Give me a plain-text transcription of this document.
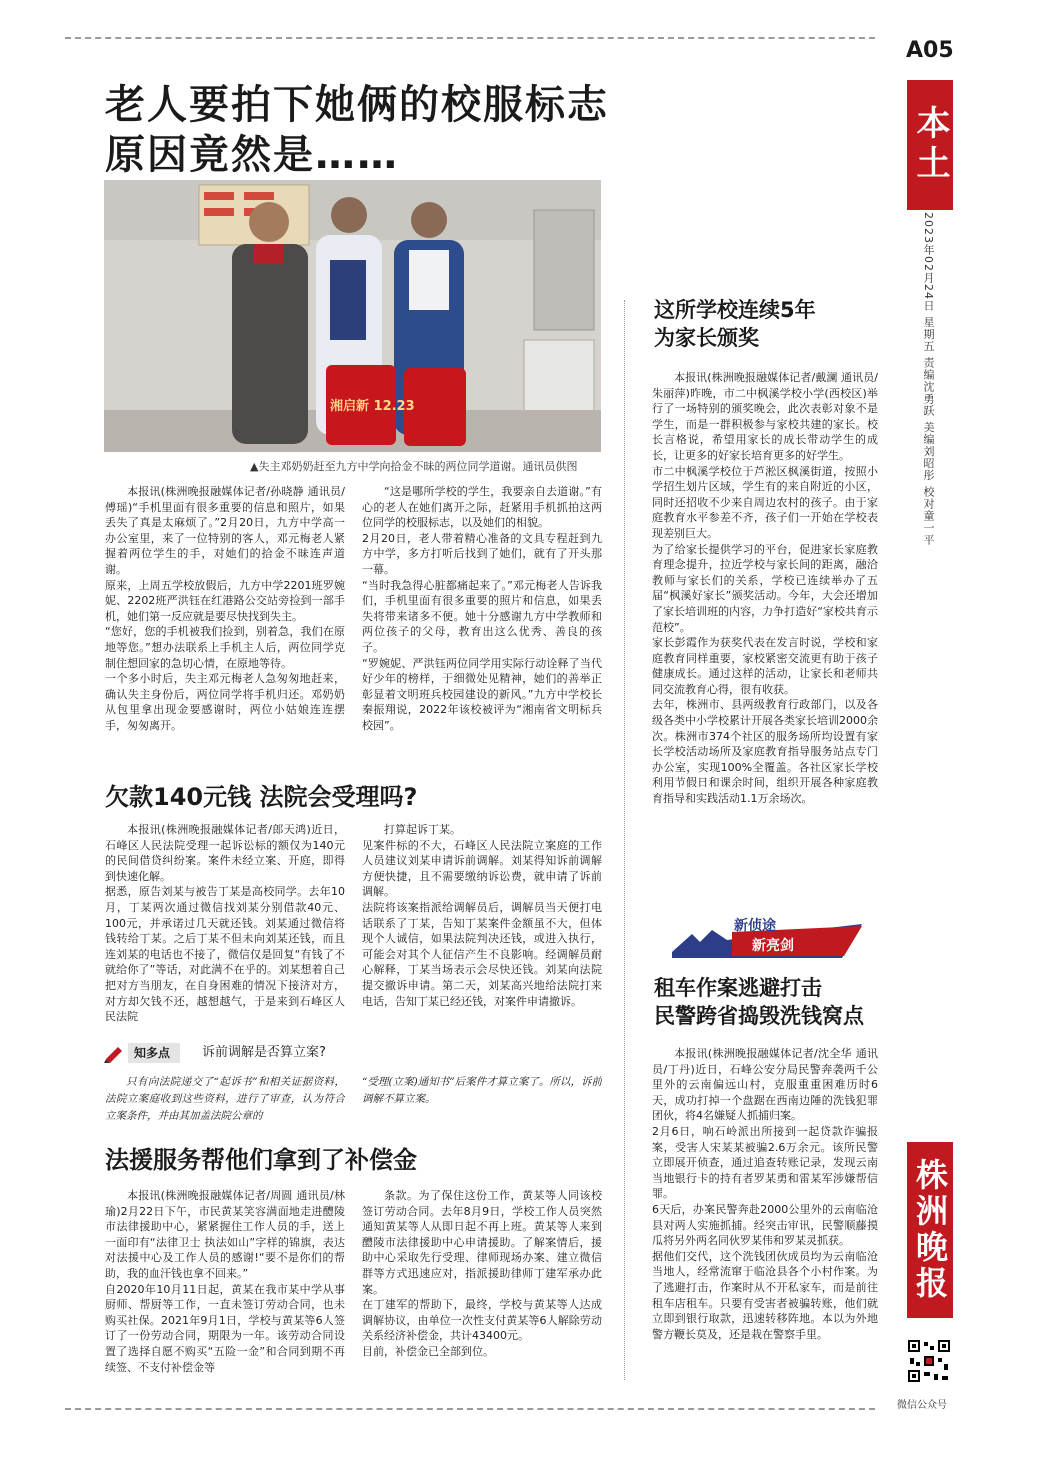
老人要拍下她俩的校服标志
原因竟然是……
湘启新 12.23
▲失主邓奶奶赶至九方中学向拾金不昧的两位同学道谢。通讯员供图
本报讯(株洲晚报融媒体记者/孙晓静 通讯员/傅瑶)“手机里面有很多重要的信息和照片，如果丢失了真是太麻烦了。”2月20日，九方中学高一办公室里，来了一位特别的客人，邓元梅老人紧握着两位学生的手，对她们的拾金不昧连声道谢。
原来，上周五学校放假后，九方中学2201班罗婉妮、2202班严洪钰在红港路公交站旁捡到一部手机，她们第一反应就是要尽快找到失主。
“您好，您的手机被我们捡到，别着急，我们在原地等您。”想办法联系上手机主人后，两位同学克制住想回家的急切心情，在原地等待。
一个多小时后，失主邓元梅老人急匆匆地赶来，确认失主身份后，两位同学将手机归还。邓奶奶从包里拿出现金要感谢时，两位小姑娘连连摆手，匆匆离开。
“这是哪所学校的学生，我要亲自去道谢。”有心的老人在她们离开之际，赶紧用手机抓拍这两位同学的校服标志，以及她们的相貌。
2月20日，老人带着精心准备的文具专程赶到九方中学，多方打听后找到了她们，就有了开头那一幕。
“当时我急得心脏都痛起来了。”邓元梅老人告诉我们，手机里面有很多重要的照片和信息，如果丢失将带来诸多不便。她十分感谢九方中学教师和两位孩子的父母，教育出这么优秀、善良的孩子。
“罗婉妮、严洪钰两位同学用实际行动诠释了当代好少年的榜样，于细微处见精神，她们的善举正彰显着文明班兵校园建设的新风。”九方中学校长秦振翔说，2022年该校被评为“湘南省文明标兵校园”。
欠款140元钱 法院会受理吗?
本报讯(株洲晚报融媒体记者/郎天鸿)近日，石峰区人民法院受理一起诉讼标的额仅为140元的民间借贷纠纷案。案件未经立案、开庭，即得到快速化解。
据悉，原告刘某与被告丁某是高校同学。去年10月，丁某两次通过微信找刘某分别借款40元、100元，并承诺过几天就还钱。刘某通过微信将钱转给丁某。之后丁某不但未向刘某还钱，而且连刘某的电话也不接了，微信仅是回复“有钱了不就给你了”等话，对此满不在乎的。刘某想着自己把对方当朋友，在自身困难的情况下接济对方，对方却欠钱不还，越想越气，于是来到石峰区人民法院
打算起诉丁某。
见案件标的不大，石峰区人民法院立案庭的工作人员建议刘某申请诉前调解。刘某得知诉前调解方便快捷，且不需要缴纳诉讼费，就申请了诉前调解。
法院将该案指派给调解员后，调解员当天便打电话联系了丁某，告知丁某案件金额虽不大，但体现个人诚信，如果法院判决还钱，或进入执行，可能会对其个人征信产生不良影响。经调解员耐心解释，丁某当场表示会尽快还钱。刘某向法院提交撤诉申请。第二天，刘某高兴地给法院打来电话，告知丁某已经还钱，对案件申请撤诉。
知多点	诉前调解是否算立案?
只有向法院递交了“起诉书”和相关证据资料，法院立案庭收到这些资料，进行了审查，认为符合立案条件，并由其加盖法院公章的
“受理(立案)通知书”后案件才算立案了。所以，诉前调解不算立案。
法援服务帮他们拿到了补偿金
本报讯(株洲晚报融媒体记者/周圆 通讯员/林瑜)2月22日下午，市民黄某笑容满面地走进醴陵市法律援助中心，紧紧握住工作人员的手，送上一面印有“法律卫士 执法如山”字样的锦旗，表达对法援中心及工作人员的感谢!“要不是你们的帮助，我的血汗钱也拿不回来。”
自2020年10月11日起，黄某在我市某中学从事厨师、帮厨等工作，一直未签订劳动合同，也未购买社保。2021年9月1日，学校与黄某等6人签订了一份劳动合同，期限为一年。该劳动合同设置了选择自愿不购买“五险一金”和合同到期不再续签、不支付补偿金等
条款。为了保住这份工作，黄某等人同该校签订劳动合同。去年8月9日，学校工作人员突然通知黄某等人从即日起不再上班。黄某等人来到醴陵市法律援助中心申请援助。了解案情后，援助中心采取先行受理、律师现场办案、建立微信群等方式迅速应对，指派援助律师丁建军承办此案。
在丁建军的帮助下，最终，学校与黄某等人达成调解协议，由单位一次性支付黄某等6人解除劳动关系经济补偿金，共计43400元。
目前，补偿金已全部到位。
这所学校连续5年
为家长颁奖
本报讯(株洲晚报融媒体记者/戴澜 通讯员/朱丽萍)昨晚，市二中枫溪学校小学(西校区)举行了一场特别的颁奖晚会，此次表彰对象不是学生，而是一群积极参与家校共建的家长。校长言格说，希望用家长的成长带动学生的成长，让更多的好家长培育更多的好学生。
市二中枫溪学校位于芦淞区枫溪街道，按照小学招生划片区域，学生有的来自附近的小区，同时还招收不少来自周边农村的孩子。由于家庭教育水平参差不齐，孩子们一开始在学校表现差别巨大。
为了给家长提供学习的平台，促进家长家庭教育理念提升，拉近学校与家长间的距离，融洽教师与家长们的关系，学校已连续举办了五届“枫溪好家长”颁奖活动。今年，大会还增加了家长培训班的内容，力争打造好“家校共育示范校”。
家长彭霞作为获奖代表在发言时说，学校和家庭教育同样重要，家校紧密交流更有助于孩子健康成长。通过这样的活动，让家长和老师共同交流教育心得，很有收获。
去年，株洲市、县两级教育行政部门，以及各级各类中小学校累计开展各类家长培训2000余次。株洲市374个社区的服务场所均设置有家长学校活动场所及家庭教育指导服务站点专门办公室，实现100%全覆盖。各社区家长学校利用节假日和课余时间，组织开展各种家庭教育指导和实践活动1.1万余场次。
新侦途
新亮剑
租车作案逃避打击
民警跨省捣毁洗钱窝点
本报讯(株洲晚报融媒体记者/沈全华 通讯员/丁丹)近日，石峰公安分局民警奔袭两千公里外的云南偏远山村，克服重重困难历时6天，成功打掉一个盘踞在西南边陲的洗钱犯罪团伙，将4名嫌疑人抓捕归案。
2月6日，响石岭派出所接到一起贷款诈骗报案，受害人宋某某被骗2.6万余元。该所民警立即展开侦查，通过追查转账记录，发现云南当地银行卡的持有者罗某勇和雷某军涉嫌帮信罪。
6天后，办案民警奔赴2000公里外的云南临沧县对两人实施抓捕。经突击审讯，民警顺藤摸瓜将另外两名同伙罗某伟和罗某灵抓获。
据他们交代，这个洗钱团伙成员均为云南临沧当地人，经常流窜于临沧县各个小村作案。为了逃避打击，作案时从不开私家车，而是前往租车店租车。只要有受害者被骗转账，他们就立即到银行取款，迅速转移阵地。本以为外地警方鞭长莫及，还是栽在警察手里。
A05
本土
2023年02月24日 星期五 责编沈勇跃 美编刘昭彤 校对童一平
株洲晚报
微信公众号
